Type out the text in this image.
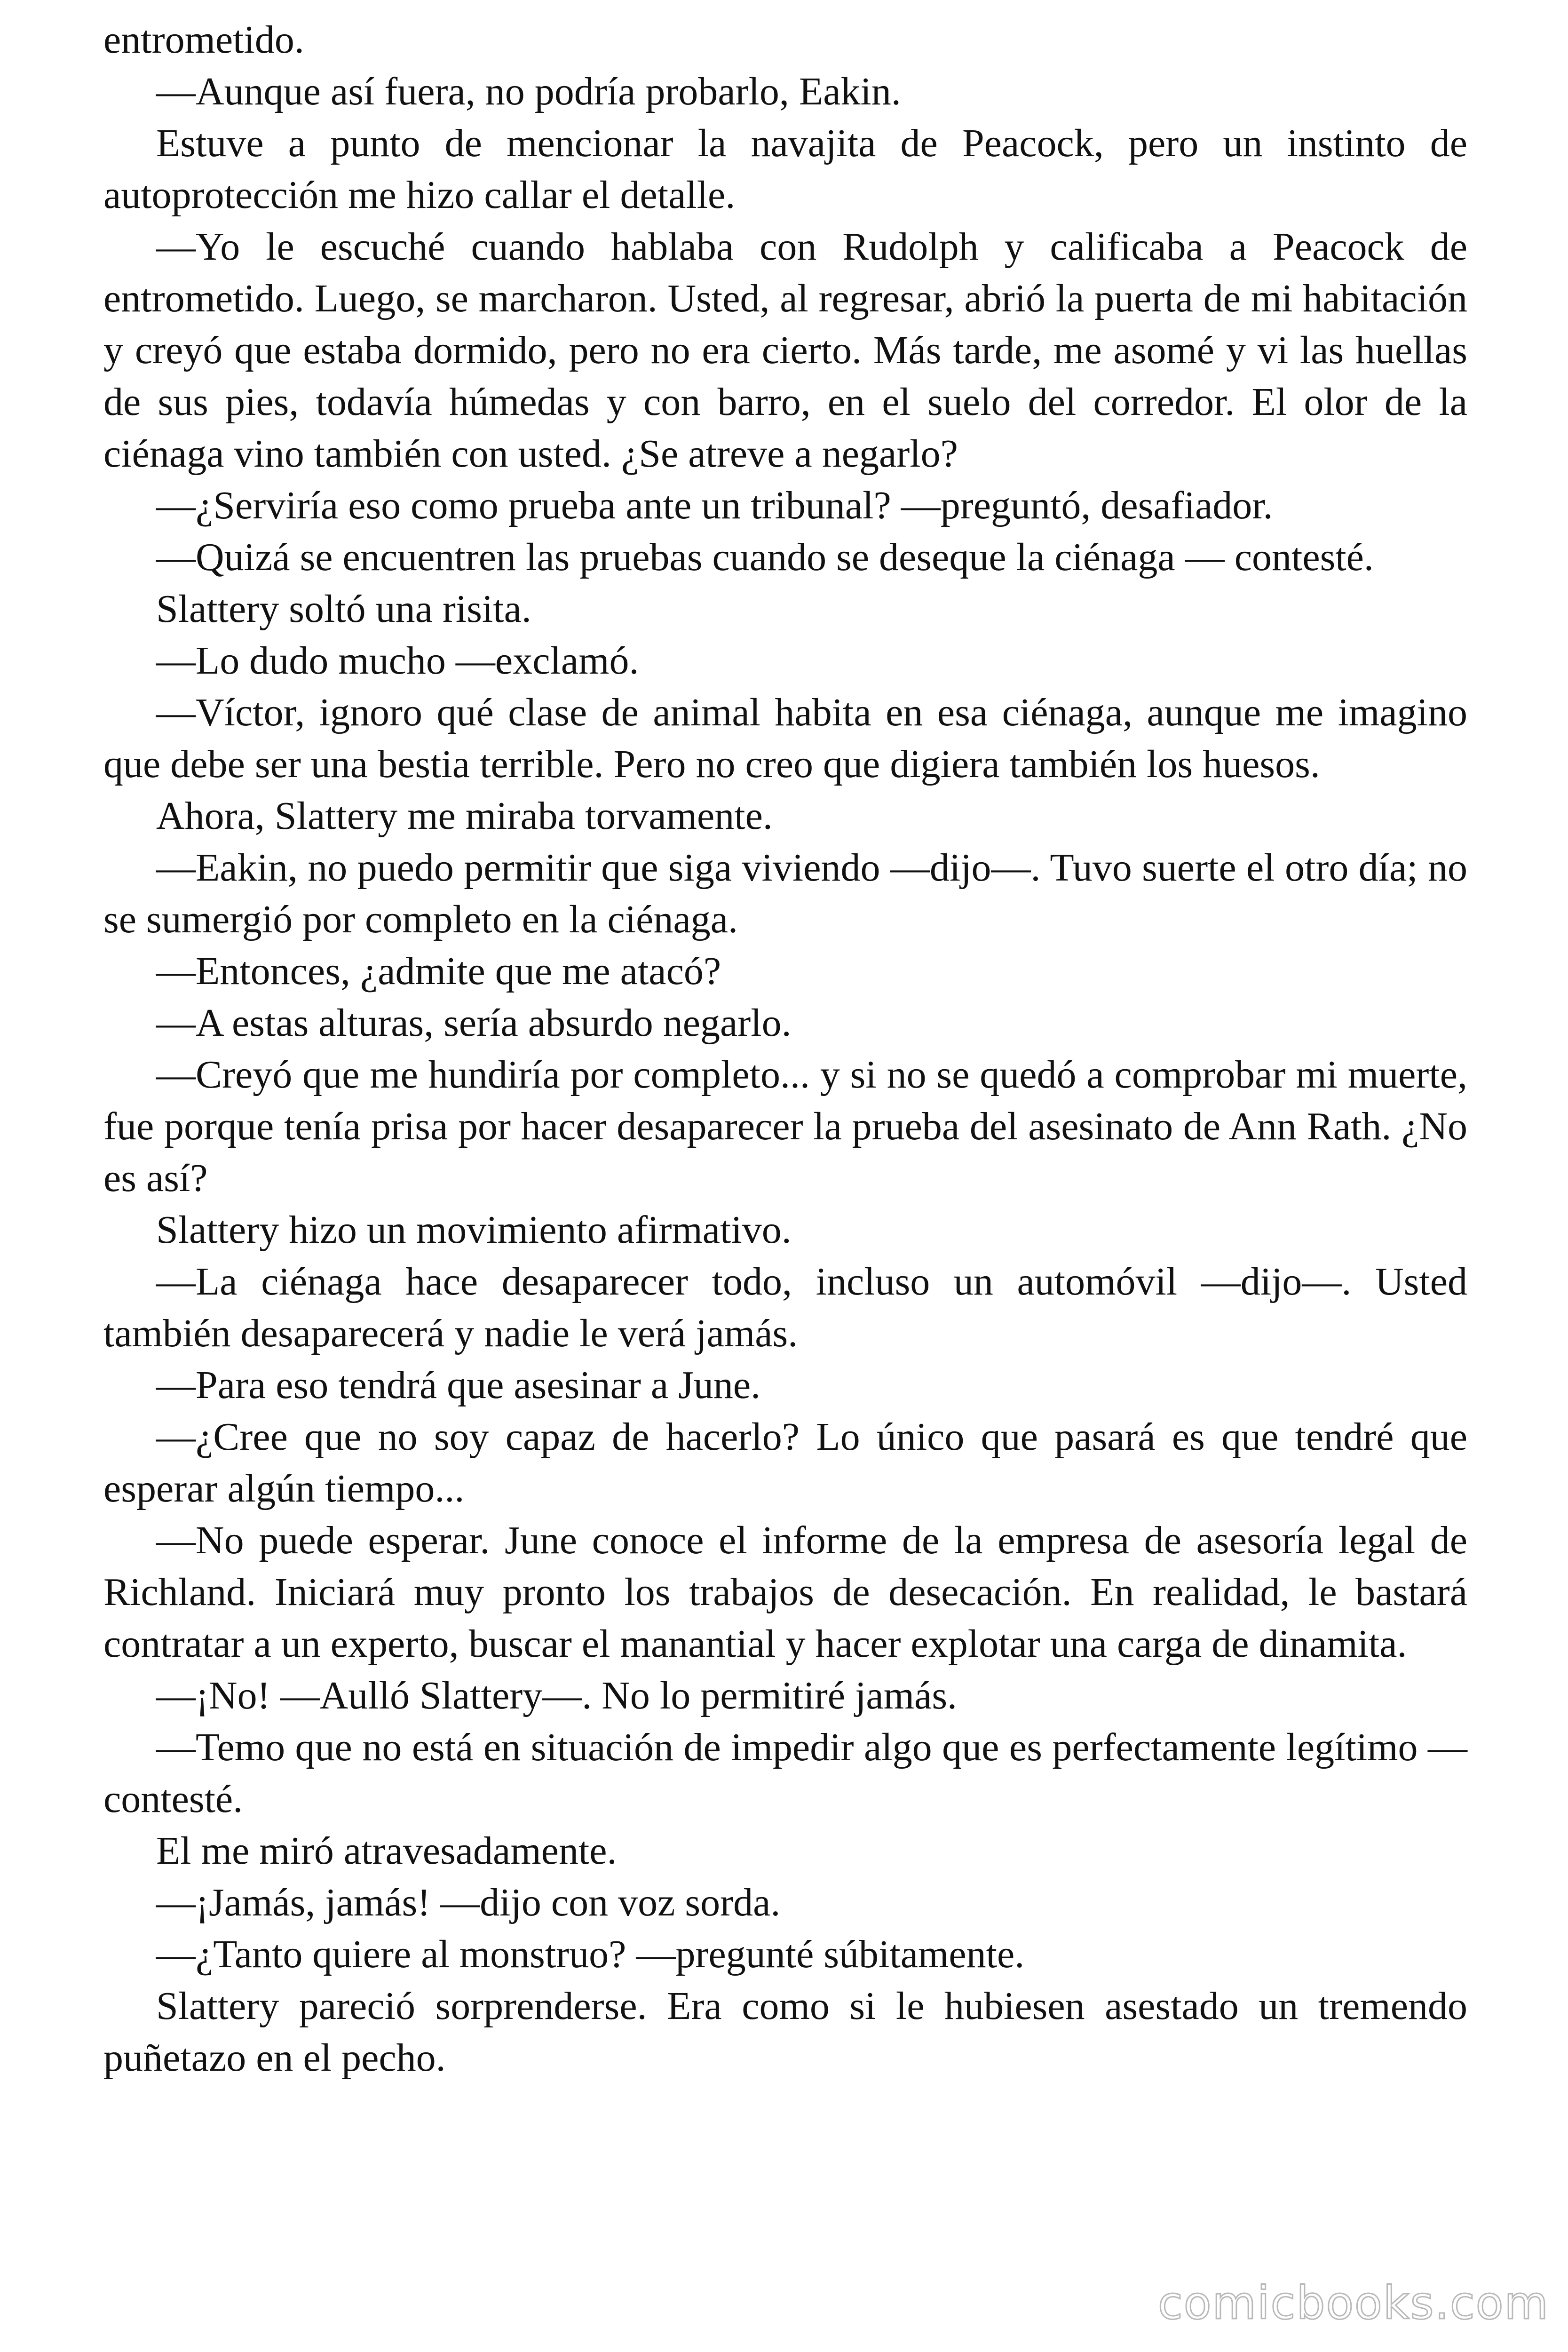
entrometido.

—Aunque así fuera, no podría probarlo, Eakin.

Estuve a punto de mencionar la navajita de Peacock, pero un instinto de autoprotección me hizo callar el detalle.

—Yo le escuché cuando hablaba con Rudolph y calificaba a Peacock de entrometido. Luego, se marcharon. Usted, al regresar, abrió la puerta de mi habitación y creyó que estaba dormido, pero no era cierto. Más tarde, me asomé y vi las huellas de sus pies, todavía húmedas y con barro, en el suelo del corredor. El olor de la ciénaga vino también con usted. ¿Se atreve a negarlo?

—¿Serviría eso como prueba ante un tribunal? —preguntó, desafiador.

—Quizá se encuentren las pruebas cuando se deseque la ciénaga — contesté.

Slattery soltó una risita.

—Lo dudo mucho —exclamó.

—Víctor, ignoro qué clase de animal habita en esa ciénaga, aunque me imagino que debe ser una bestia terrible. Pero no creo que digiera también los huesos.

Ahora, Slattery me miraba torvamente.

—Eakin, no puedo permitir que siga viviendo —dijo—. Tuvo suerte el otro día; no se sumergió por completo en la ciénaga.

—Entonces, ¿admite que me atacó?

—A estas alturas, sería absurdo negarlo.

—Creyó que me hundiría por completo... y si no se quedó a comprobar mi muerte, fue porque tenía prisa por hacer desaparecer la prueba del asesinato de Ann Rath. ¿No es así?

Slattery hizo un movimiento afirmativo.

—La ciénaga hace desaparecer todo, incluso un automóvil —dijo—. Usted también desaparecerá y nadie le verá jamás.

—Para eso tendrá que asesinar a June.

—¿Cree que no soy capaz de hacerlo? Lo único que pasará es que tendré que esperar algún tiempo...

—No puede esperar. June conoce el informe de la empresa de asesoría legal de Richland. Iniciará muy pronto los trabajos de desecación. En realidad, le bastará contratar a un experto, buscar el manantial y hacer explotar una carga de dinamita.

—¡No! —Aulló Slattery—. No lo permitiré jamás.

—Temo que no está en situación de impedir algo que es perfectamente legítimo —contesté.

El me miró atravesadamente.

—¡Jamás, jamás! —dijo con voz sorda.

—¿Tanto quiere al monstruo? —pregunté súbitamente.

Slattery pareció sorprenderse. Era como si le hubiesen asestado un tremendo puñetazo en el pecho.

comicbooks.com
